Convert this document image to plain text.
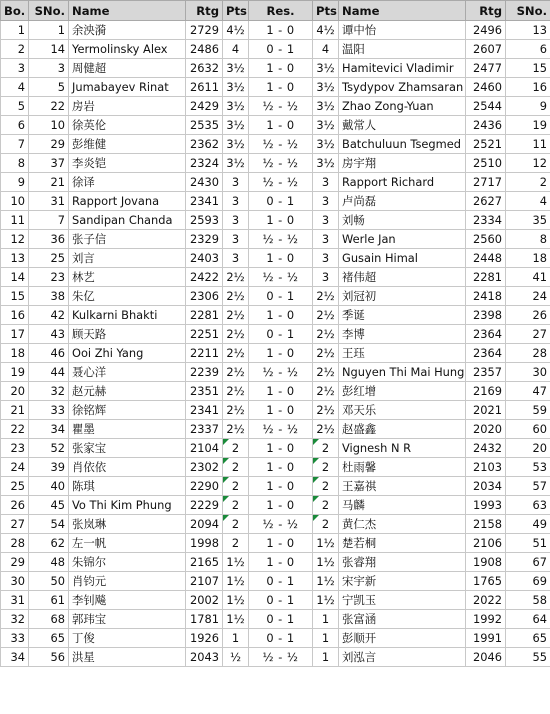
Bo.	SNo.	Name	Rtg	Pts	Res.	Pts	Name	Rtg	SNo.
1	1	余泱漪	2729	4½	1 - 0	4½	谭中怡	2496	13
2	14	Yermolinsky Alex	2486	4	0 - 1	4	温阳	2607	6
3	3	周健超	2632	3½	1 - 0	3½	Hamitevici Vladimir	2477	15
4	5	Jumabayev Rinat	2611	3½	1 - 0	3½	Tsydypov Zhamsaran	2460	16
5	22	房岩	2429	3½	½ - ½	3½	Zhao Zong-Yuan	2544	9
6	10	徐英伦	2535	3½	1 - 0	3½	戴常人	2436	19
7	29	彭维健	2362	3½	½ - ½	3½	Batchuluun Tsegmed	2521	11
8	37	李炎铠	2324	3½	½ - ½	3½	房宇翔	2510	12
9	21	徐译	2430	3	½ - ½	3	Rapport Richard	2717	2
10	31	Rapport Jovana	2341	3	0 - 1	3	卢尚磊	2627	4
11	7	Sandipan Chanda	2593	3	1 - 0	3	刘畅	2334	35
12	36	张子信	2329	3	½ - ½	3	Werle Jan	2560	8
13	25	刘言	2403	3	1 - 0	3	Gusain Himal	2448	18
14	23	林艺	2422	2½	½ - ½	3	褚伟超	2281	41
15	38	朱亿	2306	2½	0 - 1	2½	刘冠初	2418	24
16	42	Kulkarni Bhakti	2281	2½	1 - 0	2½	季诞	2398	26
17	43	顾天路	2251	2½	0 - 1	2½	李博	2364	27
18	46	Ooi Zhi Yang	2211	2½	1 - 0	2½	王珏	2364	28
19	44	聂心洋	2239	2½	½ - ½	2½	Nguyen Thi Mai Hung	2357	30
20	32	赵元赫	2351	2½	1 - 0	2½	彭红增	2169	47
21	33	徐铭辉	2341	2½	1 - 0	2½	邓天乐	2021	59
22	34	瞿墨	2337	2½	½ - ½	2½	赵盛鑫	2020	60
23	52	张家宝	2104	2	1 - 0	2	Vignesh N R	2432	20
24	39	肖依依	2302	2	1 - 0	2	杜雨馨	2103	53
25	40	陈琪	2290	2	1 - 0	2	王嘉祺	2034	57
26	45	Vo Thi Kim Phung	2229	2	1 - 0	2	马麟	1993	63
27	54	张岚琳	2094	2	½ - ½	2	黄仁杰	2158	49
28	62	左一帆	1998	2	1 - 0	1½	楚若桐	2106	51
29	48	朱锦尔	2165	1½	1 - 0	1½	张睿翔	1908	67
30	50	肖钧元	2107	1½	0 - 1	1½	宋宇新	1765	69
31	61	李钊飚	2002	1½	0 - 1	1½	宁凯玉	2022	58
32	68	郭玮宝	1781	1½	0 - 1	1	张富涵	1992	64
33	65	丁俊	1926	1	0 - 1	1	彭顺开	1991	65
34	56	洪星	2043	½	½ - ½	1	刘泓言	2046	55
